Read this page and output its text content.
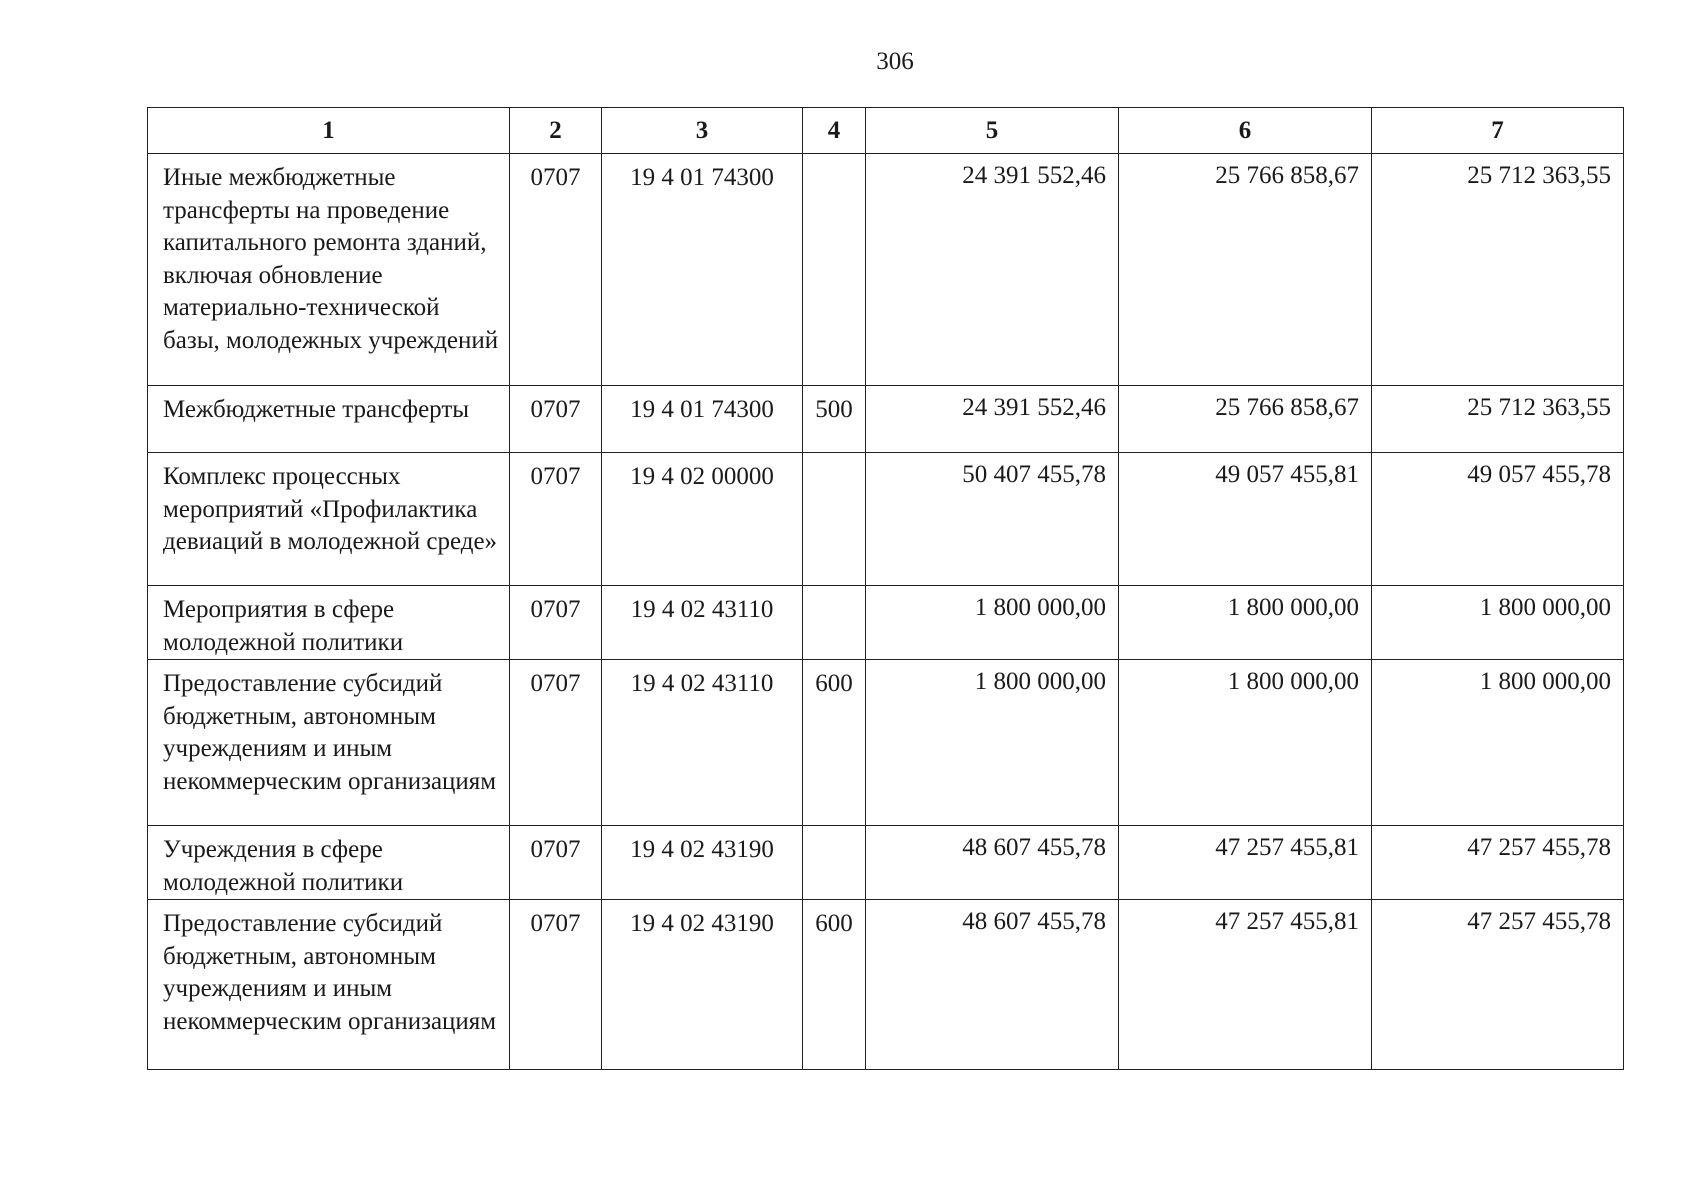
306
1	2	3	4	5	6	7
Иные межбюджетные трансферты на проведение капитального ремонта зданий, включая обновление материально-технической базы, молодежных учреждений	0707	19 4 01 74300		24 391 552,46	25 766 858,67	25 712 363,55
Межбюджетные трансферты	0707	19 4 01 74300	500	24 391 552,46	25 766 858,67	25 712 363,55
Комплекс процессных мероприятий «Профилактика девиаций в молодежной среде»	0707	19 4 02 00000		50 407 455,78	49 057 455,81	49 057 455,78
Мероприятия в сфере молодежной политики	0707	19 4 02 43110		1 800 000,00	1 800 000,00	1 800 000,00
Предоставление субсидий бюджетным, автономным учреждениям и иным некоммерческим организациям	0707	19 4 02 43110	600	1 800 000,00	1 800 000,00	1 800 000,00
Учреждения в сфере молодежной политики	0707	19 4 02 43190		48 607 455,78	47 257 455,81	47 257 455,78
Предоставление субсидий бюджетным, автономным учреждениям и иным некоммерческим организациям	0707	19 4 02 43190	600	48 607 455,78	47 257 455,81	47 257 455,78
